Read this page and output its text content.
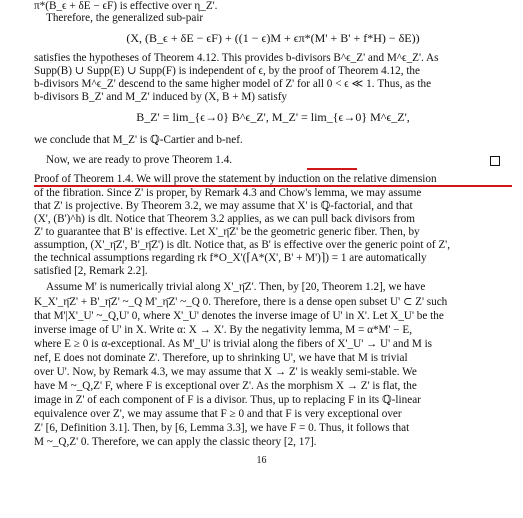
π*(B_ϵ + δE − ϵF) is effective over η_Z'.
Therefore, the generalized sub-pair
(X, (B_ϵ + δE − ϵF) + ((1 − ϵ)M + ϵπ*(M' + B' + f*H) − δE))
satisfies the hypotheses of Theorem 4.12. This provides b-divisors B^ϵ_Z' and M^ϵ_Z'. As
Supp(B) ∪ Supp(E) ∪ Supp(F) is independent of ϵ, by the proof of Theorem 4.12, the
b-divisors M^ϵ_Z' descend to the same higher model of Z' for all 0 < ϵ ≪ 1. Thus, as the
b-divisors B_Z' and M_Z' induced by (X, B + M) satisfy
B_Z' = lim_{ϵ→0} B^ϵ_Z', M_Z' = lim_{ϵ→0} M^ϵ_Z',
we conclude that M_Z' is ℚ-Cartier and b-nef.
Now, we are ready to prove Theorem 1.4.
Proof of Theorem 1.4. We will prove the statement by induction on the relative dimension
of the fibration. Since Z' is proper, by Remark 4.3 and Chow's lemma, we may assume
that Z' is projective. By Theorem 3.2, we may assume that X' is ℚ-factorial, and that
(X', (B')^h) is dlt. Notice that Theorem 3.2 applies, as we can pull back divisors from
Z' to guarantee that B' is effective. Let X'_η̄Z' be the geometric generic fiber. Then, by
assumption, (X'_η̄Z', B'_η̄Z') is dlt. Notice that, as B' is effective over the generic point of Z',
the technical assumptions regarding rk f*O_X'(⌈A*(X', B' + M')⌉) = 1 are automatically
satisfied [2, Remark 2.2].
Assume M' is numerically trivial along X'_η̄Z'. Then, by [20, Theorem 1.2], we have
K_X'_η̄Z' + B'_η̄Z' ~_Q M'_η̄Z' ~_Q 0. Therefore, there is a dense open subset U' ⊂ Z' such
that M'|X'_U' ~_Q,U' 0, where X'_U' denotes the inverse image of U' in X'. Let X_U' be the
inverse image of U' in X. Write α: X → X'. By the negativity lemma, M = α*M' − E,
where E ≥ 0 is α-exceptional. As M'_U' is trivial along the fibers of X'_U' → U' and M is
nef, E does not dominate Z'. Therefore, up to shrinking U', we have that M is trivial
over U'. Now, by Remark 4.3, we may assume that X → Z' is weakly semi-stable. We
have M ~_Q,Z' F, where F is exceptional over Z'. As the morphism X → Z' is flat, the
image in Z' of each component of F is a divisor. Thus, up to replacing F in its ℚ-linear
equivalence over Z', we may assume that F ≥ 0 and that F is very exceptional over
Z' [6, Definition 3.1]. Then, by [6, Lemma 3.3], we have F = 0. Thus, it follows that
M ~_Q,Z' 0. Therefore, we can apply the classic theory [2, 17].
16
